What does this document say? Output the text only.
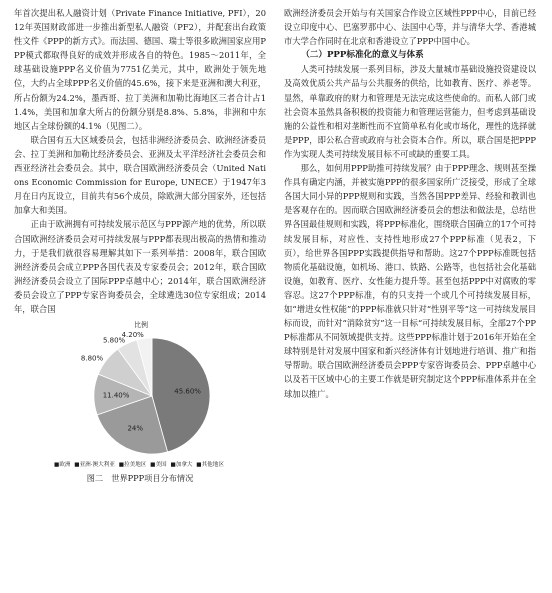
年首次提出私人融资计划（Private Finance Initiative, PFI），2012年英国财政部进一步推出新型私人融资（PF2），并配套出台政策性文件《PPP的新方式》。而法国、德国、瑞士等很多欧洲国家应用PPP模式都取得良好的成效并形成各自的特色。1985～2011年，全球基础设施PPP名义价值为7751亿美元，其中，欧洲处于领先地位，大约占全球PPP名义价值的45.6%，接下来是亚洲和澳大利亚，所占份额为24.2%，墨西哥、拉丁美洲和加勒比海地区三者合计占11.4%，美国和加拿大所占的份额分别是8.8%、5.8%，非洲和中东地区占全球份额的4.1%（见图二）。

联合国有五大区域委员会，包括非洲经济委员会、欧洲经济委员会、拉丁美洲和加勒比经济委员会、亚洲及太平洋经济社会委员会和西亚经济社会委员会。其中，联合国欧洲经济委员会（United Nations Economic Commission for Europe, UNECE）于1947年3月在日内瓦设立，目前共有56个成员，除欧洲大部分国家外，还包括加拿大和美国。

正由于欧洲拥有可持续发展示范区与PPP源产地的优势，所以联合国欧洲经济委员会对可持续发展与PPP都表现出极高的热情和推动力，于是我们就很容易理解其如下一系列举措：2008年，联合国欧洲经济委员会成立PPP各国代表及专家委员会；2012年，联合国欧洲经济委员会设立了国际PPP卓越中心；2014年，联合国欧洲经济委员会设立了PPP专家咨询委员会，全球遴选30位专家组成；2014年，联合国

45.60%
24%
11.40%
8.80%
5.80%
4.20%
比例
■欧洲 ■亚洲·澳大利亚 ■拉美地区 ■美国 ■加拿大 ■其他地区
图二　世界PPP项目分布情况

欧洲经济委员会开始与有关国家合作设立区域性PPP中心，目前已经设立印度中心、巴塞罗那中心、法国中心等，并与清华大学、香港城市大学合作同时在北京和香港设立了PPP中国中心。

（二）PPP标准化的意义与体系

人类可持续发展一系列目标，涉及大量城市基础设施投资建设以及高效优质公共产品与公共服务的供给，比如教育、医疗、养老等。显然，单靠政府的财力和管理是无法完成这些使命的。而私人部门或社会资本虽然具备积极的投资能力和管理运营能力，但考虑到基础设施的公益性和相对垄断性而不宜简单私有化或市场化，理性的选择就是PPP，即公私合营或政府与社会资本合作。所以，联合国是把PPP作为实现人类可持续发展目标不可或缺的重要工具。

那么，如何用PPP助推可持续发展？由于PPP理念、规则甚至操作具有确定内涵，并被实施PPP的很多国家所广泛接受，形成了全球各国大同小异的PPP规则和实践，当然各国PPP差异、经验和教训也是客观存在的。因而联合国欧洲经济委员会的想法和做法是，总结世界各国最佳规则和实践，将PPP标准化，围绕联合国确立的17个可持续发展目标，对应性、支持性地形成27个PPP标准（见表2，下页），给世界各国PPP实践提供指导和帮助。这27个PPP标准既包括物质化基础设施，如机场、港口、铁路、公路等，也包括社会化基础设施，如教育、医疗、女性能力提升等。甚至包括PPP中对腐败的零容忍。这27个PPP标准，有的只支持一个或几个可持续发展目标，如“增进女性权能”的PPP标准就只针对“性别平等”这一可持续发展目标而设，而针对“消除贫穷”这一目标“可持续发展目标，全部27个PPP标准都从不同领域提供支持。这些PPP标准计划于2016年开始在全球特别是针对发展中国家和新兴经济体有计划地进行培训、推广和指导帮助。联合国欧洲经济委员会PPP专家咨询委员会、PPP卓越中心以及若干区域中心的主要工作就是研究制定这个PPP标准体系并在全球加以推广。
